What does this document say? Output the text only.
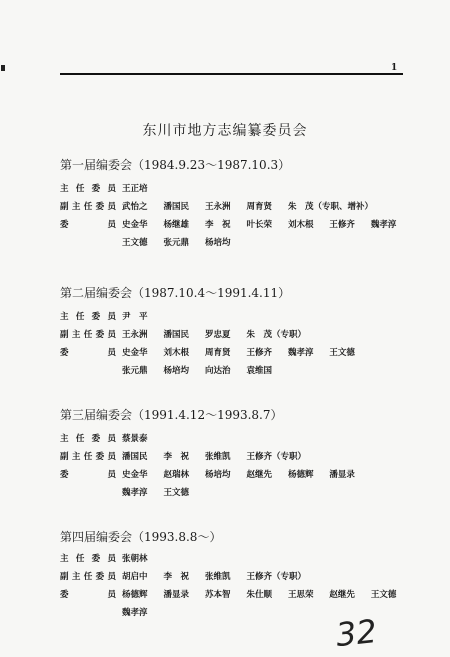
1
东川市地方志编纂委员会
第一届编委会（1984.9.23～1987.10.3）
主任委员 王正培
副主任委员 武怡之 潘国民 王永洲 周育贤 朱　茂（专职、增补）
委　　员 史金华 杨继雄 李　祝 叶长荣 刘木根 王修齐 魏孝淳
王文德 张元鼎 杨培均
第二届编委会（1987.10.4～1991.4.11）
主任委员 尹　平
副主任委员 王永洲 潘国民 罗忠夏 朱　茂（专职）
委　　员 史金华 刘木根 周育贤 王修齐 魏孝淳 王文德
张元鼎 杨培均 向达治 袁维国
第三届编委会（1991.4.12～1993.8.7）
主任委员 蔡景泰
副主任委员 潘国民 李　祝 张维凯 王修齐（专职）
委　　员 史金华 赵瑞林 杨培均 赵继先 杨德辉 潘显录
魏孝淳 王文德
第四届编委会（1993.8.8～）
主任委员 张朝林
副主任委员 胡启中 李　祝 张维凯 王修齐（专职）
委　　员 杨德辉 潘显录 苏本智 朱仕顺 王思荣 赵继先 王文德
魏孝淳	32
